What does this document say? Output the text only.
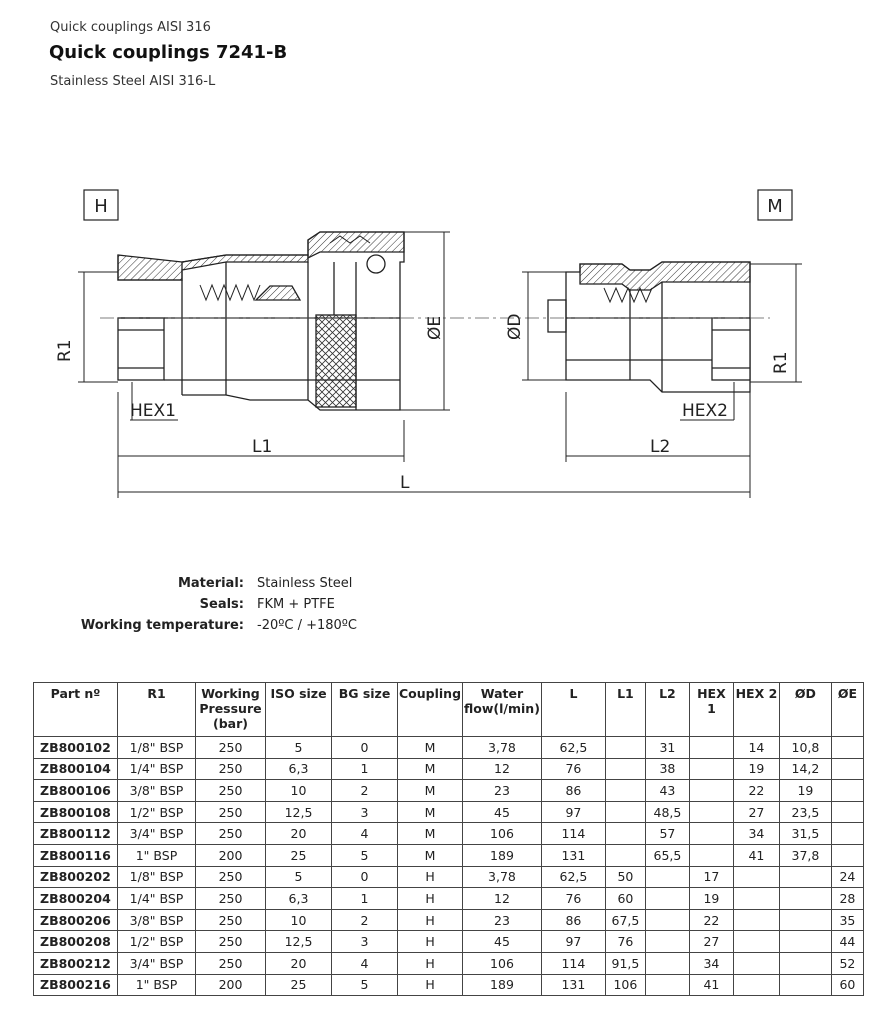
Quick couplings AISI 316
Quick couplings 7241-B
Stainless Steel AISI 316-L
H	M
R1
R1
ØE	ØD
HEX1	HEX2
L1	L2
L
Material: Stainless Steel
Seals: FKM + PTFE
Working temperature: -20ºC / +180ºC
Part nº	R1	Working Pressure (bar)	ISO size	BG size	Coupling	Water flow(l/min)	L	L1	L2	HEX 1	HEX 2	ØD	ØE
ZB800102	1/8" BSP	250	5	0	M	3,78	62,5		31		14	10,8	
ZB800104	1/4" BSP	250	6,3	1	M	12	76		38		19	14,2	
ZB800106	3/8" BSP	250	10	2	M	23	86		43		22	19	
ZB800108	1/2" BSP	250	12,5	3	M	45	97		48,5		27	23,5	
ZB800112	3/4" BSP	250	20	4	M	106	114		57		34	31,5	
ZB800116	1" BSP	200	25	5	M	189	131		65,5		41	37,8	
ZB800202	1/8" BSP	250	5	0	H	3,78	62,5	50		17			24
ZB800204	1/4" BSP	250	6,3	1	H	12	76	60		19			28
ZB800206	3/8" BSP	250	10	2	H	23	86	67,5		22			35
ZB800208	1/2" BSP	250	12,5	3	H	45	97	76		27			44
ZB800212	3/4" BSP	250	20	4	H	106	114	91,5		34			52
ZB800216	1" BSP	200	25	5	H	189	131	106		41			60
